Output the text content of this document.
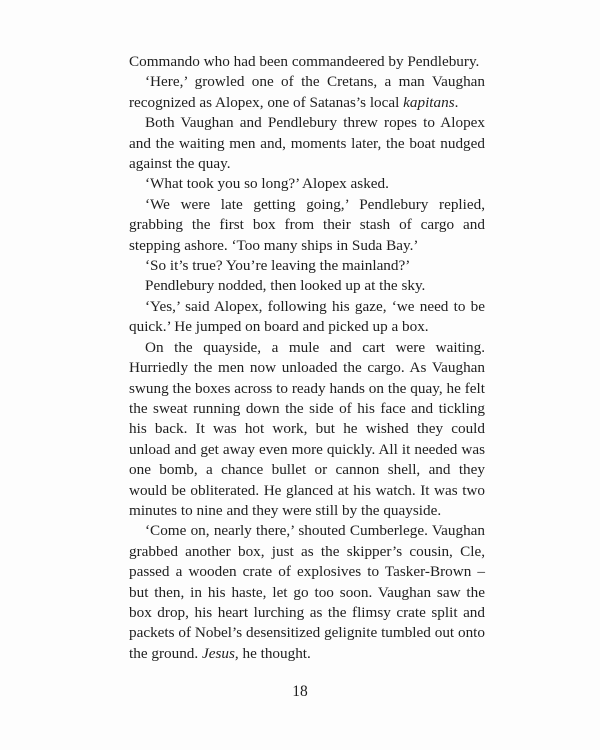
Commando who had been commandeered by Pendlebury.

‘Here,’ growled one of the Cretans, a man Vaughan recognized as Alopex, one of Satanas’s local kapitans.

Both Vaughan and Pendlebury threw ropes to Alopex and the waiting men and, moments later, the boat nudged against the quay.

‘What took you so long?’ Alopex asked.

‘We were late getting going,’ Pendlebury replied, grabbing the first box from their stash of cargo and stepping ashore. ‘Too many ships in Suda Bay.’

‘So it’s true? You’re leaving the mainland?’

Pendlebury nodded, then looked up at the sky.

‘Yes,’ said Alopex, following his gaze, ‘we need to be quick.’ He jumped on board and picked up a box.

On the quayside, a mule and cart were waiting. Hurriedly the men now unloaded the cargo. As Vaughan swung the boxes across to ready hands on the quay, he felt the sweat running down the side of his face and tickling his back. It was hot work, but he wished they could unload and get away even more quickly. All it needed was one bomb, a chance bullet or cannon shell, and they would be obliterated. He glanced at his watch. It was two minutes to nine and they were still by the quayside.

‘Come on, nearly there,’ shouted Cumberlege. Vaughan grabbed another box, just as the skipper’s cousin, Cle, passed a wooden crate of explosives to Tasker-Brown – but then, in his haste, let go too soon. Vaughan saw the box drop, his heart lurching as the flimsy crate split and packets of Nobel’s desensitized gelignite tumbled out onto the ground. Jesus, he thought.

18
